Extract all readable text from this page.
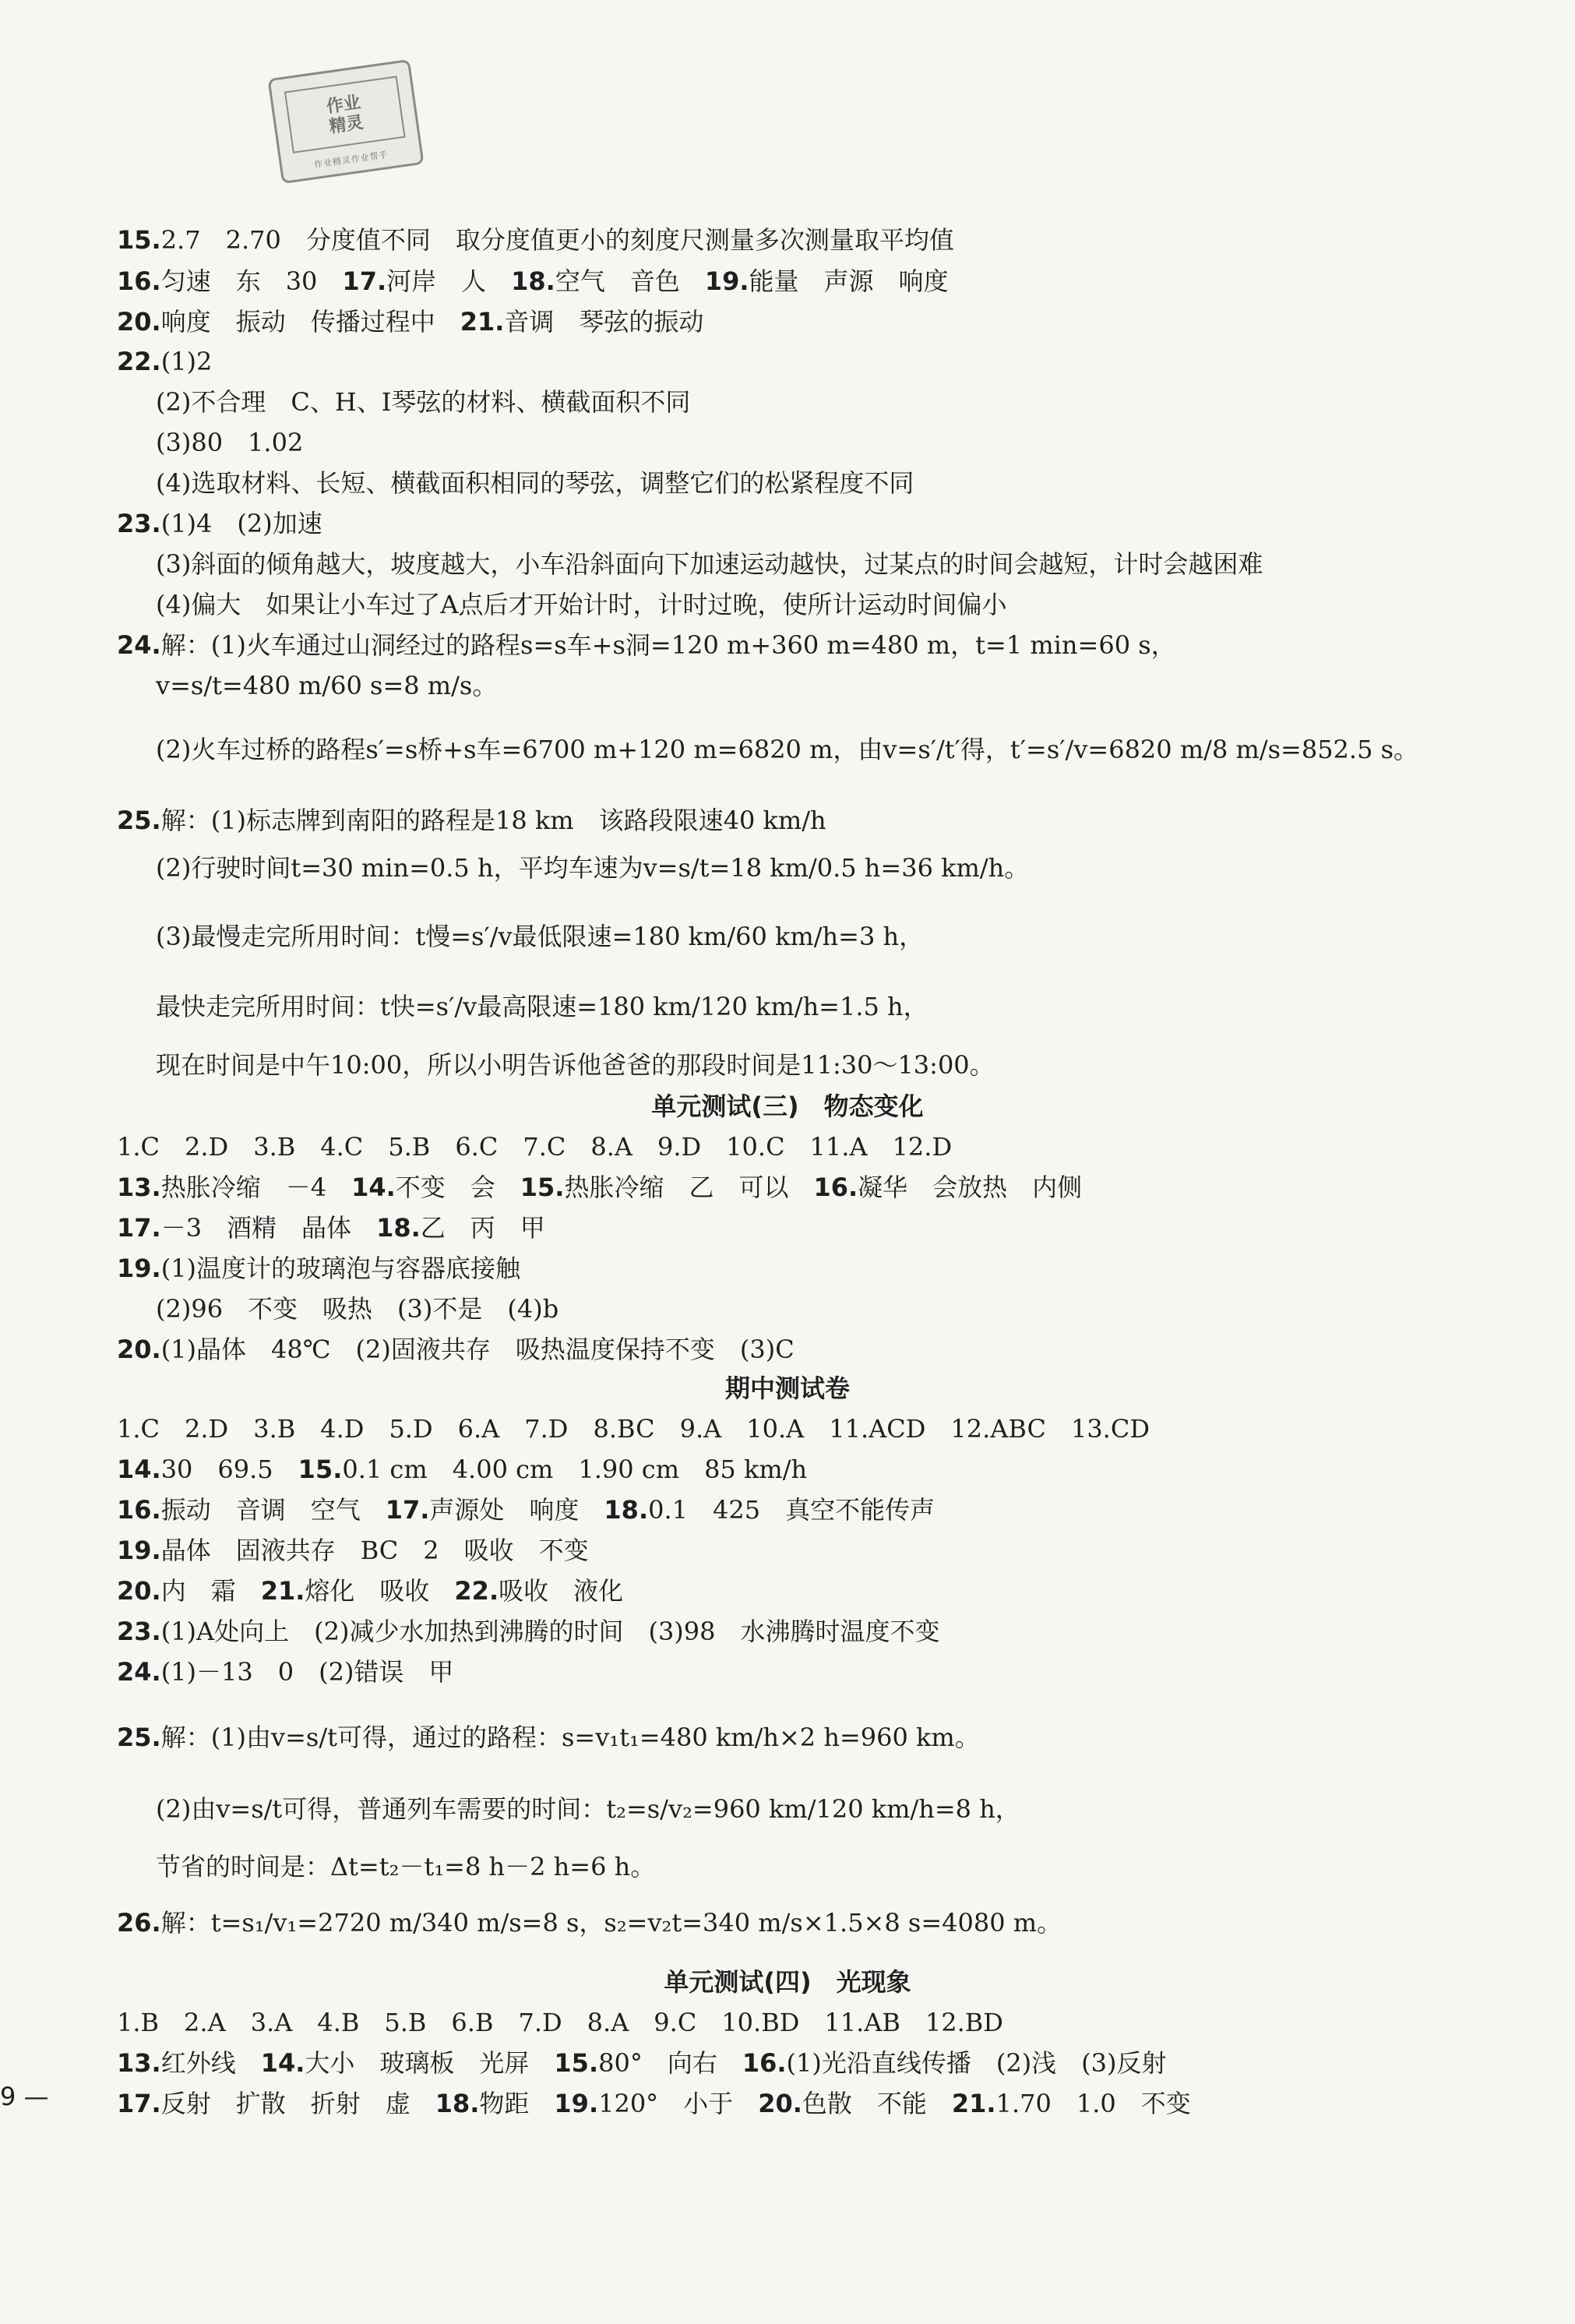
作业
精灵
作业精灵作业帮手
15.2.7　2.70　分度值不同　取分度值更小的刻度尺测量多次测量取平均值
16.匀速　东　30　17.河岸　人　18.空气　音色　19.能量　声源　响度
20.响度　振动　传播过程中　21.音调　琴弦的振动
22.(1)2
(2)不合理　C、H、I琴弦的材料、横截面积不同
(3)80　1.02
(4)选取材料、长短、横截面积相同的琴弦，调整它们的松紧程度不同
23.(1)4　(2)加速
(3)斜面的倾角越大，坡度越大，小车沿斜面向下加速运动越快，过某点的时间会越短，计时会越困难
(4)偏大　如果让小车过了A点后才开始计时，计时过晚，使所计运动时间偏小
24.解：(1)火车通过山洞经过的路程s=s车+s洞=120 m+360 m=480 m，t=1 min=60 s，
v=s/t=480 m/60 s=8 m/s。
(2)火车过桥的路程s′=s桥+s车=6700 m+120 m=6820 m，由v=s′/t′得，t′=s′/v=6820 m/8 m/s=852.5 s。
25.解：(1)标志牌到南阳的路程是18 km　该路段限速40 km/h
(2)行驶时间t=30 min=0.5 h，平均车速为v=s/t=18 km/0.5 h=36 km/h。
(3)最慢走完所用时间：t慢=s′/v最低限速=180 km/60 km/h=3 h，
最快走完所用时间：t快=s′/v最高限速=180 km/120 km/h=1.5 h，
现在时间是中午10:00，所以小明告诉他爸爸的那段时间是11:30～13:00。
单元测试(三)　物态变化
1.C　2.D　3.B　4.C　5.B　6.C　7.C　8.A　9.D　10.C　11.A　12.D
13.热胀冷缩　－4　14.不变　会　15.热胀冷缩　乙　可以　16.凝华　会放热　内侧
17.－3　酒精　晶体　18.乙　丙　甲
19.(1)温度计的玻璃泡与容器底接触
(2)96　不变　吸热　(3)不是　(4)b
20.(1)晶体　48℃　(2)固液共存　吸热温度保持不变　(3)C
期中测试卷
1.C　2.D　3.B　4.D　5.D　6.A　7.D　8.BC　9.A　10.A　11.ACD　12.ABC　13.CD
14.30　69.5　15.0.1 cm　4.00 cm　1.90 cm　85 km/h
16.振动　音调　空气　17.声源处　响度　18.0.1　425　真空不能传声
19.晶体　固液共存　BC　2　吸收　不变
20.内　霜　21.熔化　吸收　22.吸收　液化
23.(1)A处向上　(2)减少水加热到沸腾的时间　(3)98　水沸腾时温度不变
24.(1)－13　0　(2)错误　甲
25.解：(1)由v=s/t可得，通过的路程：s=v₁t₁=480 km/h×2 h=960 km。
(2)由v=s/t可得，普通列车需要的时间：t₂=s/v₂=960 km/120 km/h=8 h，
节省的时间是：Δt=t₂－t₁=8 h－2 h=6 h。
26.解：t=s₁/v₁=2720 m/340 m/s=8 s，s₂=v₂t=340 m/s×1.5×8 s=4080 m。
单元测试(四)　光现象
1.B　2.A　3.A　4.B　5.B　6.B　7.D　8.A　9.C　10.BD　11.AB　12.BD
13.红外线　14.大小　玻璃板　光屏　15.80°　向右　16.(1)光沿直线传播　(2)浅　(3)反射
17.反射　扩散　折射　虚　18.物距　19.120°　小于　20.色散　不能　21.1.70　1.0　不变
9 —
